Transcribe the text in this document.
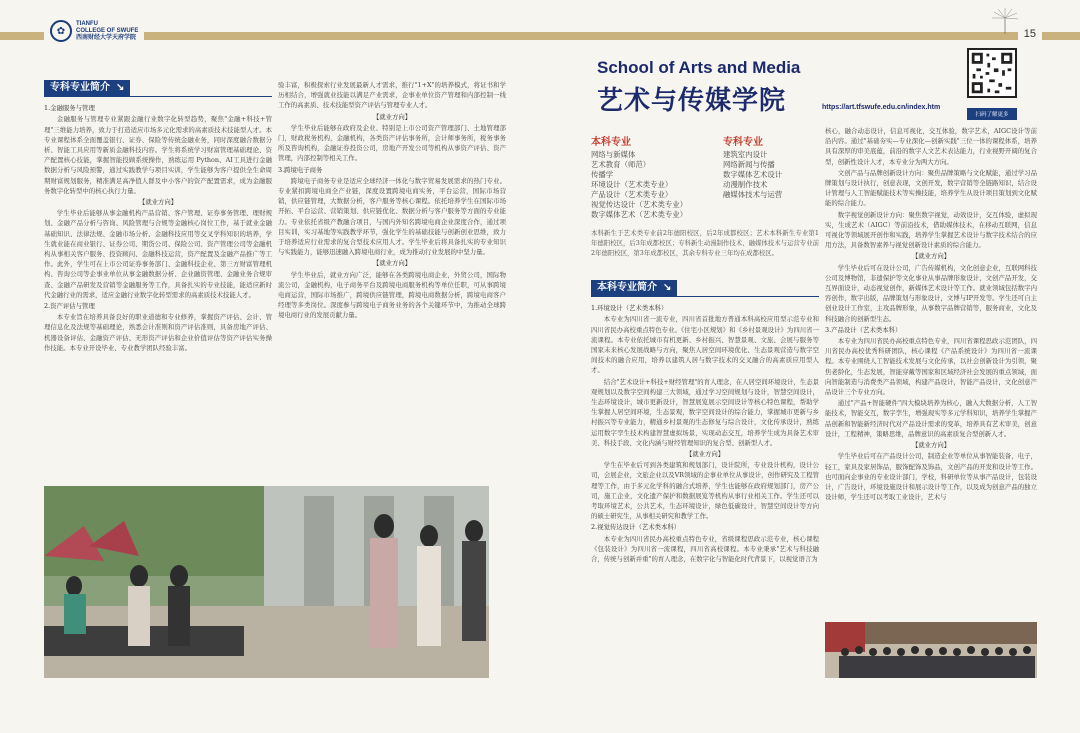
✿
TIANFU
COLLEGE OF SWUFE
西南财经大学天府学院	15
专科专业简介 ↘

1.金融服务与管理

金融服务与管理专业紧跟金融行业数字化转型趋势，聚焦"金融+科技+管理"三维能力培养，致力于打造适应市场多元化需求的高素质技术技能型人才。本专业课程体系全面覆盖银行、证券、保险等传统金融业务，同时深度融合数据分析、智能工具应用等新质金融科技内容。学生将系统学习财富管理基础理论、资产配置核心技能，掌握智能投顾系统操作，熟练运用 Python、AI工具进行金融数据分析与风险预警，通过实践教学与项目实训，学生能够为客户提供全生命周期财富规划服务，精准满足高净值人群及中小客户的资产配置需求，成为金融服务数字化转型中的核心执行力量。

【就业方向】

学生毕业后能够从事金融机构产品营销、客户管理、证券事务管理、理财规划、金融产品分析与咨询、风险管理与合规等金融核心岗位工作，基于就业金融基础知识、法律法规、金融市场分析、金融科技应用等交叉学科知识的培养，学生就业能在商业银行、证券公司、期货公司、保险公司、资产管理公司等金融机构从事相关客户服务、投资顾问、金融科技运营，资产配置及金融产品推广等工作。此外，学生可在上市公司证券事务部门、金融科技企业、第三方财富管理机构、咨询公司等企事业单位从事金融数据分析、企业融资管理、金融业务合规审查、金融产品研发及营销等金融服务等工作，具备扎实的专业技能，能适应新时代金融行业的需求，适应金融行业数字化转型需求的高素质技术技能人才。

2.资产评估与管理

本专业旨在培养具备良好的职业道德和专业修养，掌握资产评估、会计、管理信息化及法规等基础理论，熟悉会计准则和资产评估准则，具备房地产评估、机器设备评估、金融资产评估、无形资产评估和企业价值评估等资产评估实务操作技能。本专业开设毕业、专业教学团队经验丰富。

验丰富，积极探索行业发展最新人才需求，推行"1+X"的培养模式，将证书和学历相结合，增强就业技能以满足产业需求，企事业单位资产管理和内部控制一线工作的高素质、技术技能型资产评估与管理专业人才。

【就业方向】

学生毕业后能够在政府及企业、特别是上市公司资产管理部门、土地管理部门，财政税务机构，金融机构，各类资产评估事务所，会计师事务所，税务事务所及咨询机构，金融证券投资公司，房地产开发公司等机构从事资产评估、资产管理，内部控制等相关工作。

3.跨境电子商务

跨境电子商务专业是适应全球经济一体化与数字贸易发展需求的热门专业。专业紧扣跨境电商全产业链，深度设置跨境电商实务，平台运营，国际市场营销，供应链管理，大数据分析，客户服务等核心课程。依托培养学生在国际市场开拓、平台运营、营销策划、供应链优化、数据分析与客户服务等方面的专业能力。专业依托省级产教融合项目，与国内外知名跨境电商企业深度合作，通过项目实训，实习基地等实践教学环节，强化学生的基础技能与创新创业思维，致力于培养适应行业需求的复合型技术应用人才。学生毕业后将具备扎实的专业知识与实践能力，能够迅速融入跨境电商行业，成为推动行业发展的中坚力量。

【就业方向】

学生毕业后，就业方向广泛，能够在各类跨境电商企业，外贸公司，国际物流公司，金融机构，电子商务平台及跨境电商服务机构等单位任职，可从事跨境电商运营，国际市场推广，跨境供应链管理，跨境电商数据分析，跨境电商客户经理等多类岗位。深度参与跨境电子商务业务的各个关键环节中，为推动全球跨境电商行业的发展贡献力量。

School of Arts and Media
艺术与传媒学院	https://art.tfswufe.edu.cn/index.htm
扫码了解更多
本科专业
网络与新媒体
艺术教育（师范）
传播学
环境设计（艺术类专业）
产品设计（艺术类专业）
视觉传达设计（艺术类专业）
数字媒体艺术（艺术类专业）
专科专业
建筑室内设计
网络新闻与传播
数字媒体艺术设计
动漫制作技术
融媒体技术与运营

本科新生于艺术类专业前2年德阳校区，后2年成都校区；艺术本科新生专业第1年德阳校区，后3年成都校区；专科新生动漫制作技术、融媒体技术与运营专业前2年德阳校区，第3年成都校区，其余专科专业三年均在成都校区。

本科专业简介 ↘

1.环境设计（艺术类本科）

本专业为四川省一流专业，四川省首批地方普通本科高校应用型示范专业和四川省民办高校重点特色专业。《住宅小区规划》和《乡村景观设计》为四川省一流课程。本专业依托城市有机更新、乡村振兴、智慧景观、文旅、会展与服务等国家未来核心发展战略与方向，聚焦人居空间环境优化、生态景观营造与数字空间技术的融合应用，培养以建筑人居与数字技术的交叉融合的高素质应用型人才。

结合"艺术设计+科技+财经管理"的育人理念，在人居空间环境设计，生态景观规划以及数字空间构建三大领域，通过学习空间规划与设计，智慧空间设计，生态环境设计，城市更新设计，智慧展览展示空间设计等核心特色课程，帮助学生掌握人居空间环境，生态景观，数字空间设计的综合能力，掌握城市更新与乡村振兴等专业能力，精通乡村景观的生态修复与综合设计，文化传承设计，熟练运用数字孪生技术构建智慧虚拟场景，实现动态交互，培养学生成为具备艺术审美、科技手段、文化内涵与财经管理知识的复合型、创新型人才。

【就业方向】

学生在毕业后可到各类建筑和规划部门，设计院所，专业设计机构，设计公司，会展企业，文旅企业以及VR领域的企事业单位从事设计，创作研究及工程管理等工作，由于多元化学科的融合式培养，学生也能够在政府规划部门，房产公司，施工企业，文化遗产保护和数据展览等机构从事行业相关工作。学生还可以考取环境艺术，公共艺术，生态环境设计，绿色低碳设计，智慧空间设计等方向的硕士研究生，从事相关研究和教学工作。

2.视觉传达设计（艺术类本科）

本专业为四川省民办高校重点特色专业，省级课程思政示范专业，核心课程《包装设计》为四川省一流课程，四川省高校课程。本专业秉承"艺术与科技融合，传统与创新并重"的育人理念，在数字化与智能化时代背景下，以视觉语言为

核心，融合动态设计，信息可视化，交互体验，数字艺术，AIGC设计等前沿内容。通过"基础夯实—专业深化—创新实践"三位一体的课程体系，培养具有深厚的审美底蕴，前沿的数字人文艺术表达能力，行业视野开阔的复合型，创新性设计人才，本专业分为两大方向。

文创产品与品牌创新设计方向：聚焦品牌策略与文化赋能，通过学习品牌策划与设计执行，创意表现，文创开发，数字营销等全链路知识，结合设计管理与人工智能赋能技术等实操技能，培养学生从设计项目策划到文化赋能的综合能力。

数字视觉创新设计方向：聚焦数字视觉，动效设计，交互体验，虚拟现实，生成艺术（AIGC）等前沿技术，借助媒体技术，在移动互联网，信息可视化等领域展开创作和实践，培养学生掌握艺术设计与数字技术结合的应用方法，具备数智素养与视觉创新设计素质的综合能力。

【就业方向】

学生毕业后可在设计公司，广告传媒机构，文化创意企业，互联网科技公司及博物馆，非遗保护等文化事业从事品牌形象设计，文创产品开发，交互界面设计，动态视觉创作，新媒体艺术设计等工作。就业领域包括数字内容创作，数字出版，品牌策划与形象设计，文博与IP开发等。学生还可自主创业设计工作室，主攻品牌形象，从事数字品牌营销等，服务商业，文化及科技融合的创新型生态。

3.产品设计（艺术类本科）

本专业为四川省民办高校重点特色专业，四川省课程思政示范团队，四川省民办高校优秀科研团队，核心课程《产品系统设计》为四川省一流课程。本专业围绕人工智能技术发展与文化传承，以社会创新设计为引领，聚焦老龄化，生态发展，智能穿戴等国家和区域经济社会发展的重点领域，面向智能制造与消费类产品领域，构建产品设计，智能产品设计，文化创意产品设计三个专业方向。

通过"产品+智能硬件"四大模块培养为核心，融入大数据分析，人工智能技术，智能交互，数字孪生，增强现实等多元学科知识，培养学生掌握产品创新和智能新经济时代对产品设计需求的变革，培养具有艺术审美，创意设计，工程精神，策略思维，品牌意识的高素质复合型创新人才。

【就业方向】

学生毕业后可在产品设计公司，制造企业等单位从事智能装备，电子，轻工，家具及家居饰品，服饰配饰及饰品，文创产品的开发和设计等工作。也可面向企事业的专业设计部门，学校，科研单位等从事产品设计，包装设计，广告设计，环境设施设计和展示设计等工作，以及成为创意产品的独立设计师，学生还可以考取工业设计，艺术与
